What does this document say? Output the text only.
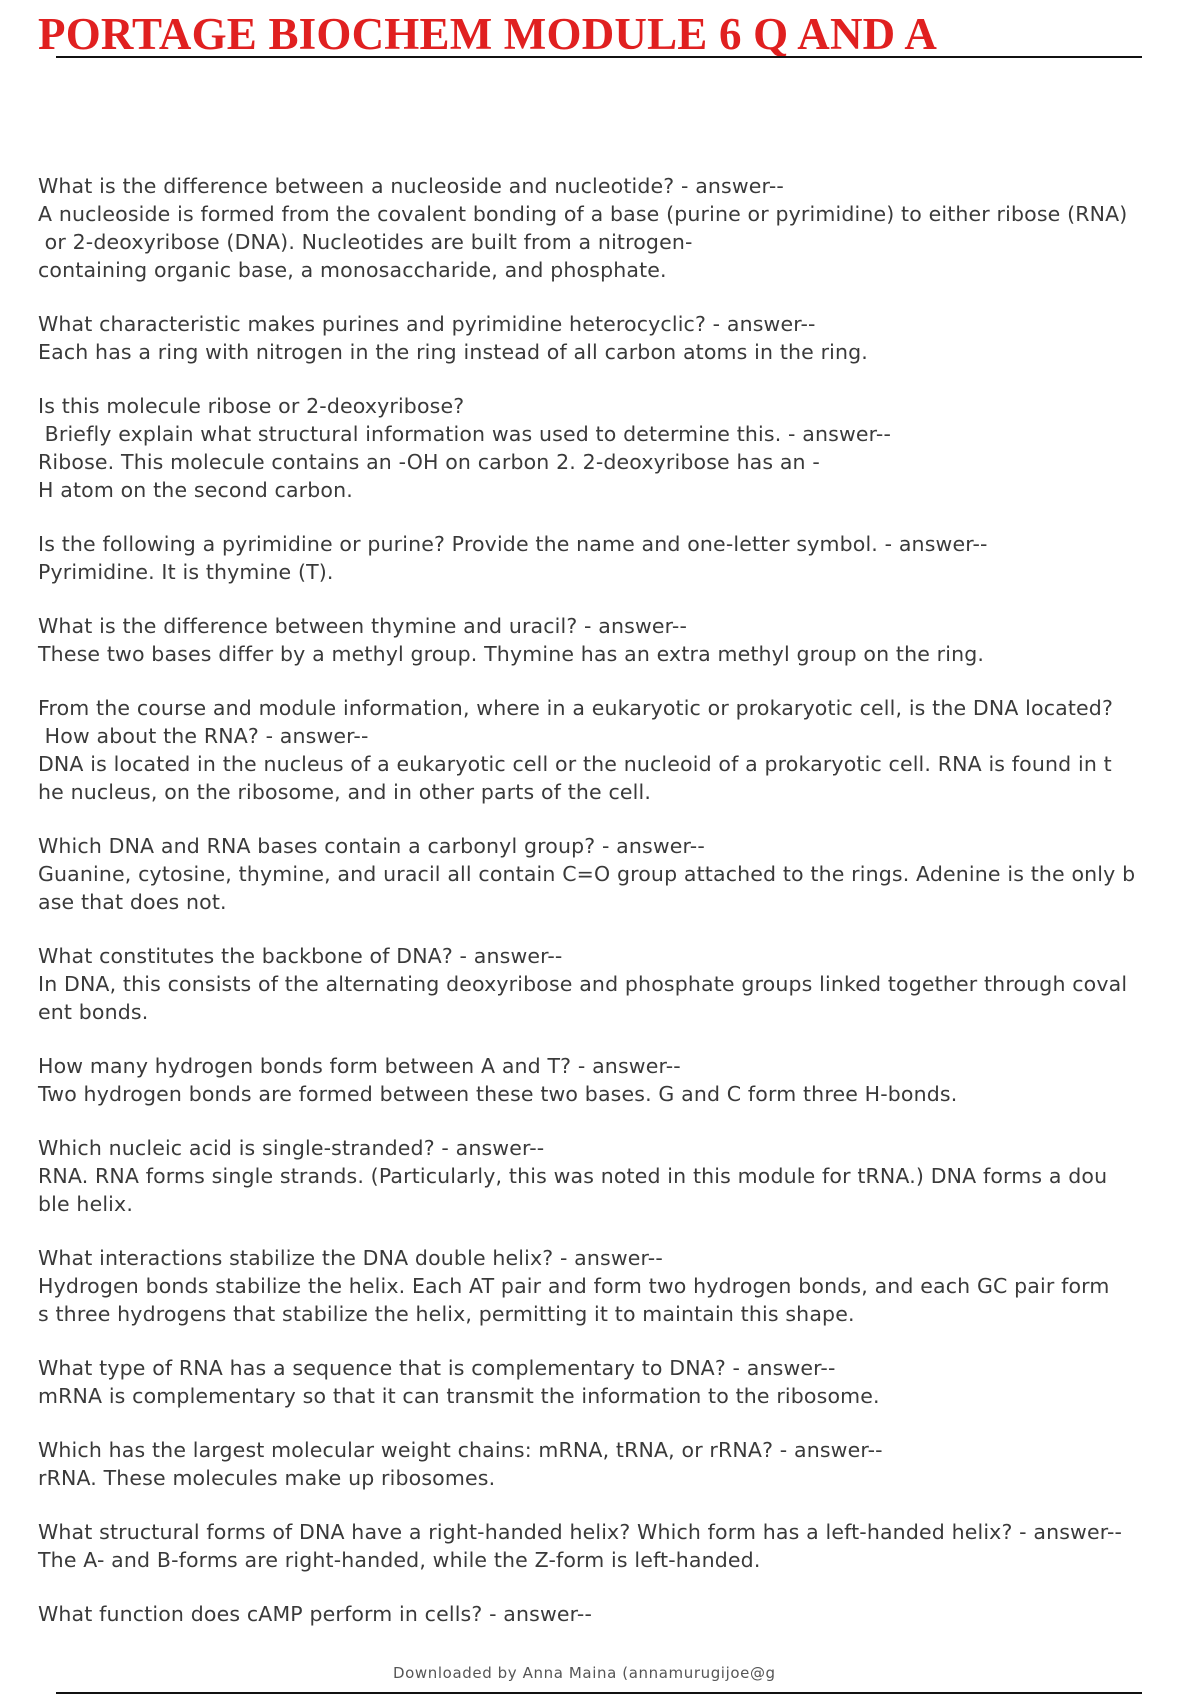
PORTAGE BIOCHEM MODULE 6 Q AND A

What is the difference between a nucleoside and nucleotide? - answer--

A nucleoside is formed from the covalent bonding of a base (purine or pyrimidine) to either ribose (RNA)
or 2-deoxyribose (DNA). Nucleotides are built from a nitrogen-
containing organic base, a monosaccharide, and phosphate.

What characteristic makes purines and pyrimidine heterocyclic? - answer--

Each has a ring with nitrogen in the ring instead of all carbon atoms in the ring.

Is this molecule ribose or 2-deoxyribose?
Briefly explain what structural information was used to determine this. - answer--

Ribose. This molecule contains an -OH on carbon 2. 2-deoxyribose has an -
H atom on the second carbon.

Is the following a pyrimidine or purine? Provide the name and one-letter symbol. - answer--

Pyrimidine. It is thymine (T).

What is the difference between thymine and uracil? - answer--

These two bases differ by a methyl group. Thymine has an extra methyl group on the ring.

From the course and module information, where in a eukaryotic or prokaryotic cell, is the DNA located?
How about the RNA? - answer--

DNA is located in the nucleus of a eukaryotic cell or the nucleoid of a prokaryotic cell. RNA is found in t
he nucleus, on the ribosome, and in other parts of the cell.

Which DNA and RNA bases contain a carbonyl group? - answer--

Guanine, cytosine, thymine, and uracil all contain C=O group attached to the rings. Adenine is the only b
ase that does not.

What constitutes the backbone of DNA? - answer--

In DNA, this consists of the alternating deoxyribose and phosphate groups linked together through coval
ent bonds.

How many hydrogen bonds form between A and T? - answer--

Two hydrogen bonds are formed between these two bases. G and C form three H-bonds.

Which nucleic acid is single-stranded? - answer--

RNA. RNA forms single strands. (Particularly, this was noted in this module for tRNA.) DNA forms a dou
ble helix.

What interactions stabilize the DNA double helix? - answer--

Hydrogen bonds stabilize the helix. Each AT pair and form two hydrogen bonds, and each GC pair form
s three hydrogens that stabilize the helix, permitting it to maintain this shape.

What type of RNA has a sequence that is complementary to DNA? - answer--

mRNA is complementary so that it can transmit the information to the ribosome.

Which has the largest molecular weight chains: mRNA, tRNA, or rRNA? - answer--

rRNA. These molecules make up ribosomes.

What structural forms of DNA have a right-handed helix? Which form has a left-handed helix? - answer--

The A- and B-forms are right-handed, while the Z-form is left-handed.

What function does cAMP perform in cells? - answer--

Downloaded by Anna Maina (annamurugijoe@g
